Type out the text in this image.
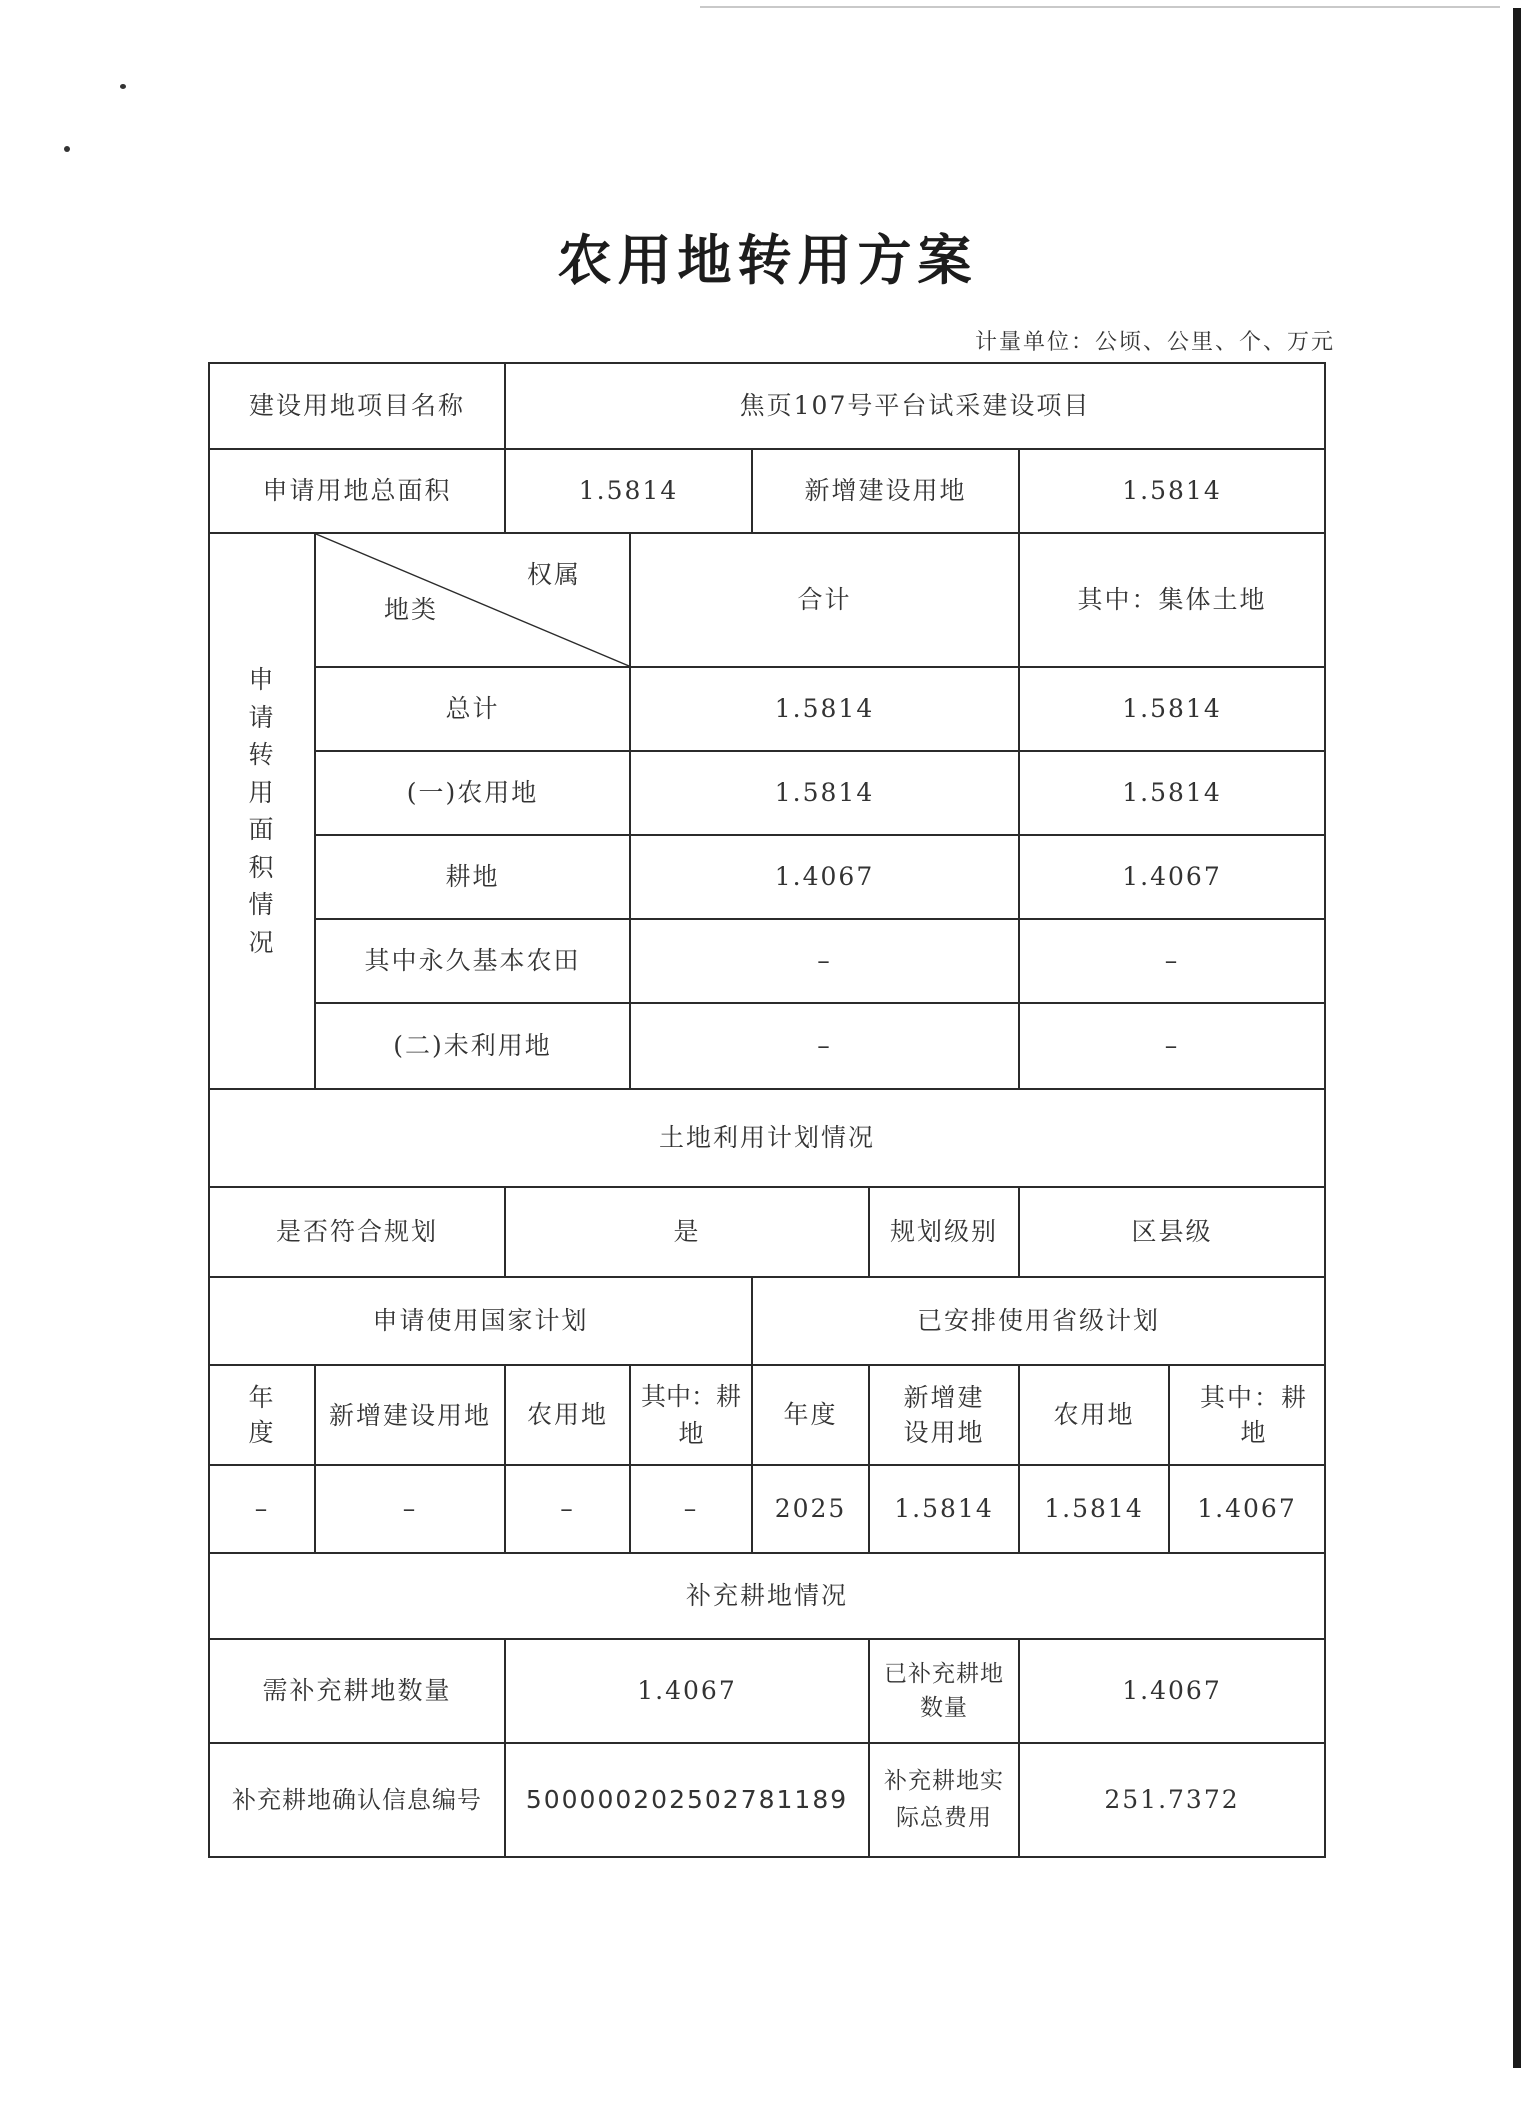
农用地转用方案
计量单位：公顷、公里、个、万元
建设用地项目名称		焦页107号平台试采建设项目					
申请用地总面积		1.5814		新增建设用地		1.5814	
申请转用面积情况	权属
地类		合计			其中：集体土地	
	总计		1.5814			1.5814	
	(一)农用地		1.5814			1.5814	
	耕地		1.4067			1.4067	
	其中永久基本农田		–			–	
	(二)未利用地		–			–	
土地利用计划情况							
是否符合规划		是			规划级别	区县级	
申请使用国家计划				已安排使用省级计划			
年度	新增建设用地	农用地	其中：耕地	年度	新增建设用地	农用地	其中：耕地
–	–	–	–	2025	1.5814	1.5814	1.4067
补充耕地情况							
需补充耕地数量		1.4067			已补充耕地数量	1.4067	
补充耕地确认信息编号		500000202502781189			补充耕地实际总费用	251.7372	
